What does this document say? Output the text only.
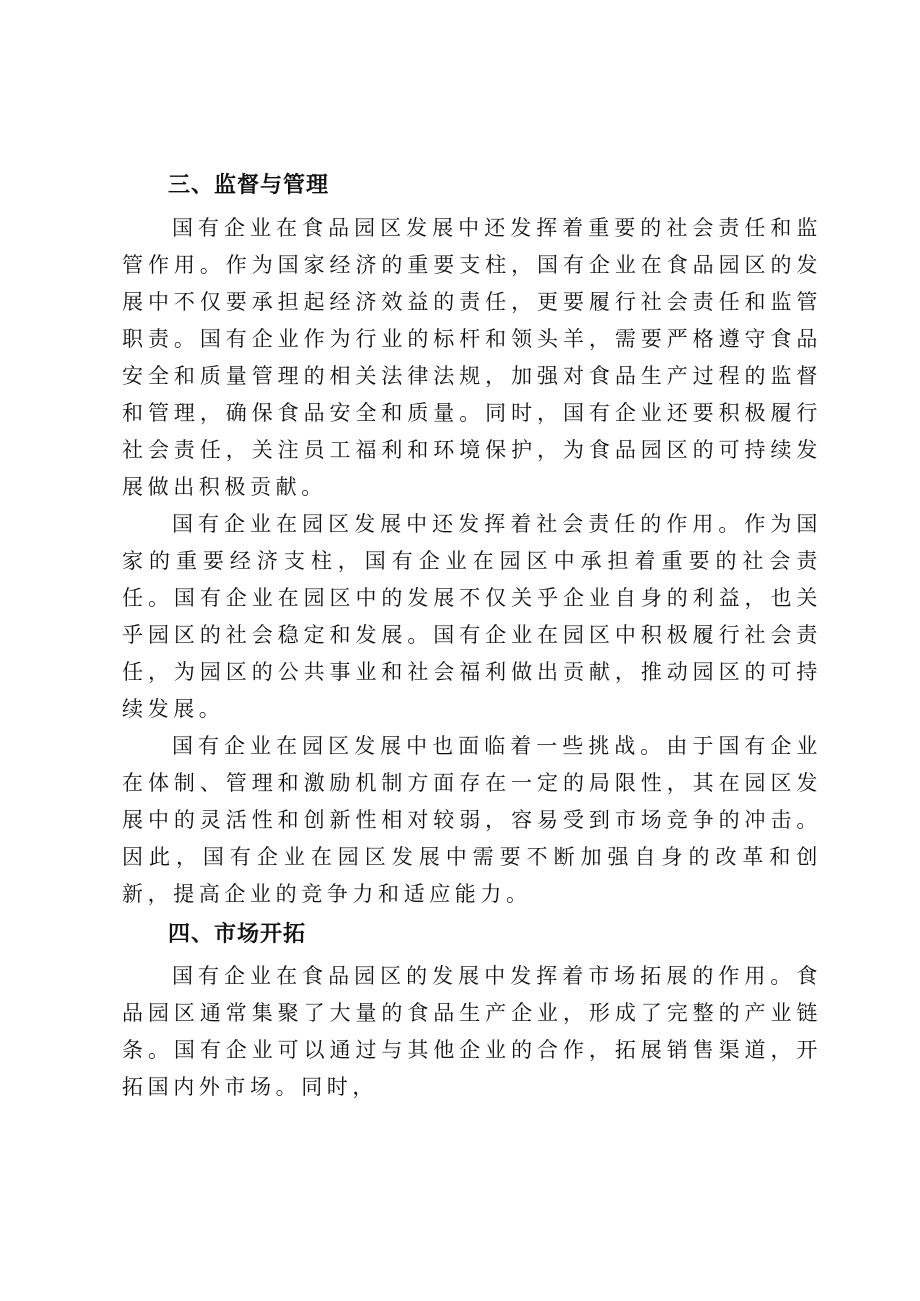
三、监督与管理

国有企业在食品园区发展中还发挥着重要的社会责任和监管作用。作为国家经济的重要支柱，国有企业在食品园区的发展中不仅要承担起经济效益的责任，更要履行社会责任和监管职责。国有企业作为行业的标杆和领头羊，需要严格遵守食品安全和质量管理的相关法律法规，加强对食品生产过程的监督和管理，确保食品安全和质量。同时，国有企业还要积极履行社会责任，关注员工福利和环境保护，为食品园区的可持续发展做出积极贡献。

国有企业在园区发展中还发挥着社会责任的作用。作为国家的重要经济支柱，国有企业在园区中承担着重要的社会责任。国有企业在园区中的发展不仅关乎企业自身的利益，也关乎园区的社会稳定和发展。国有企业在园区中积极履行社会责任，为园区的公共事业和社会福利做出贡献，推动园区的可持续发展。

国有企业在园区发展中也面临着一些挑战。由于国有企业在体制、管理和激励机制方面存在一定的局限性，其在园区发展中的灵活性和创新性相对较弱，容易受到市场竞争的冲击。因此，国有企业在园区发展中需要不断加强自身的改革和创新，提高企业的竞争力和适应能力。

四、市场开拓

国有企业在食品园区的发展中发挥着市场拓展的作用。食品园区通常集聚了大量的食品生产企业，形成了完整的产业链条。国有企业可以通过与其他企业的合作，拓展销售渠道，开拓国内外市场。同时，
